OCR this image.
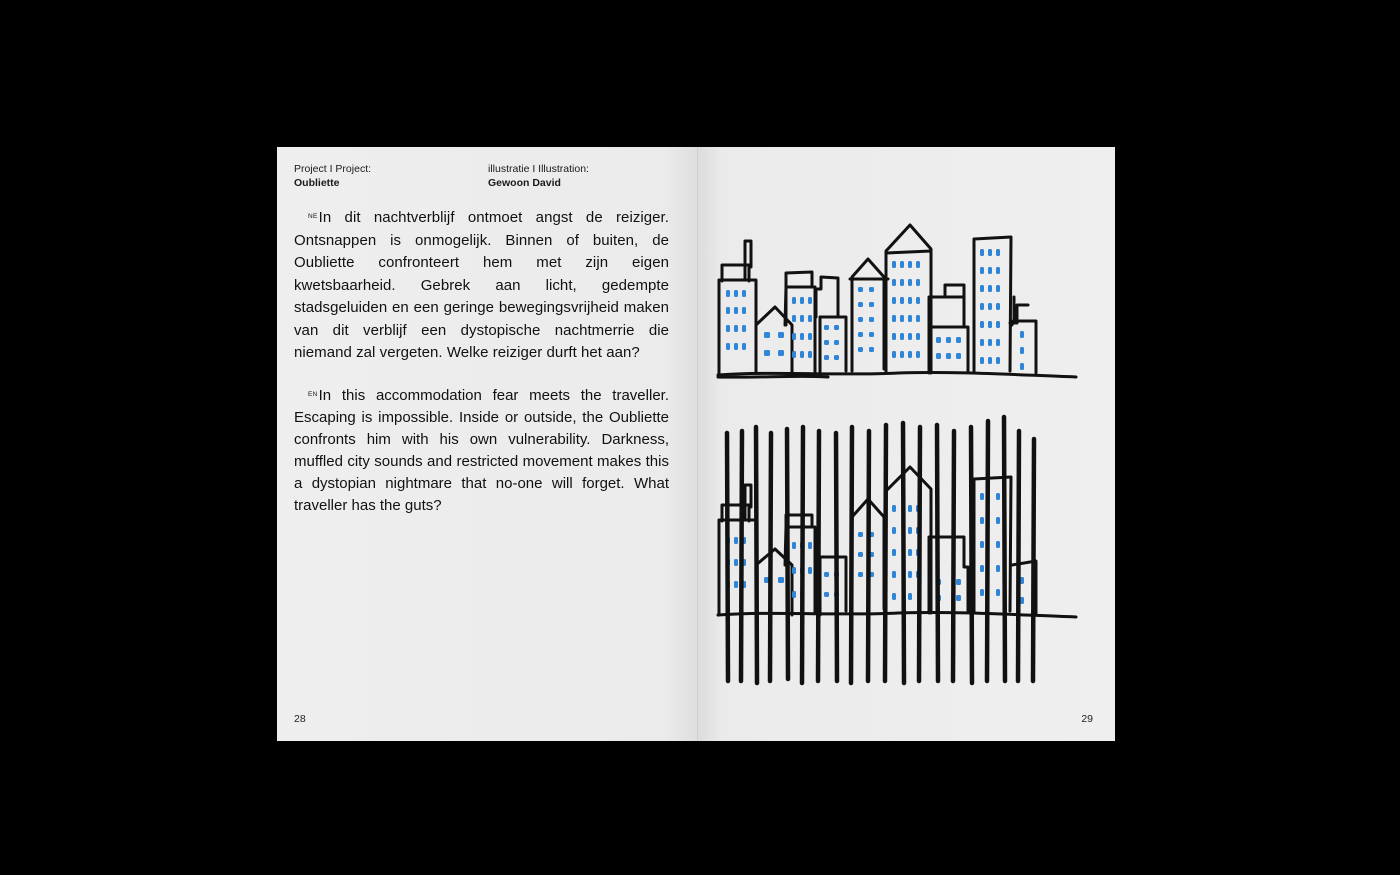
Project I Project:
Oubliette
illustratie I Illustration:
Gewoon David

$^{NE}$In dit nachtverblijf ontmoet angst de reiziger. Ontsnappen is onmogelijk. Binnen of buiten, de Oubliette confronteert hem met zijn eigen kwetsbaarheid. Gebrek aan licht, gedempte stadsgeluiden en een geringe bewegingsvrijheid maken van dit verblijf een dystopische nachtmerrie die niemand zal vergeten. Welke reiziger durft het aan?

$^{EN}$In this accommodation fear meets the traveller. Escaping is impossible. Inside or outside, the Oubliette confronts him with his own vulnerability. Darkness, muffled city sounds and restricted movement makes this a dystopian nightmare that no-one will forget. What traveller has the guts?

28	29
